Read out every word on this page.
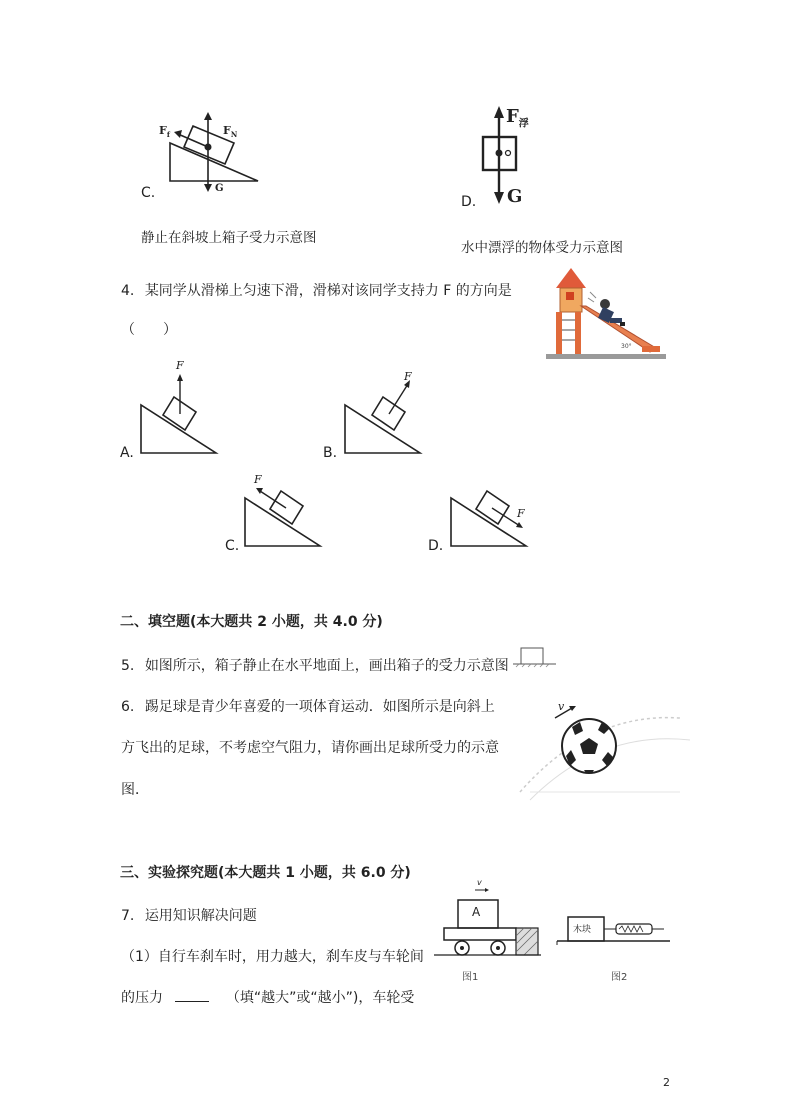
$F_f$	$F_N$
G
C.
静止在斜坡上箱子受力示意图
$F_浮$
G
D.
水中漂浮的物体受力示意图
4. 某同学从滑梯上匀速下滑，滑梯对该同学支持力 F 的方向是
（　　）
30°
F
A.
F
B.
F
C.
F
D.
二、填空题(本大题共 2 小题，共 4.0 分)
5. 如图所示，箱子静止在水平地面上，画出箱子的受力示意图
6. 踢足球是青少年喜爱的一项体育运动．如图所示是向斜上
方飞出的足球，不考虑空气阻力，请你画出足球所受力的示意
图．
v
三、实验探究题(本大题共 1 小题，共 6.0 分)
7. 运用知识解决问题
（1）自行车刹车时，用力越大，刹车皮与车轮间
的压力	（填“越大”或“越小”)，车轮受
A
v
图1
木块
图2
2
